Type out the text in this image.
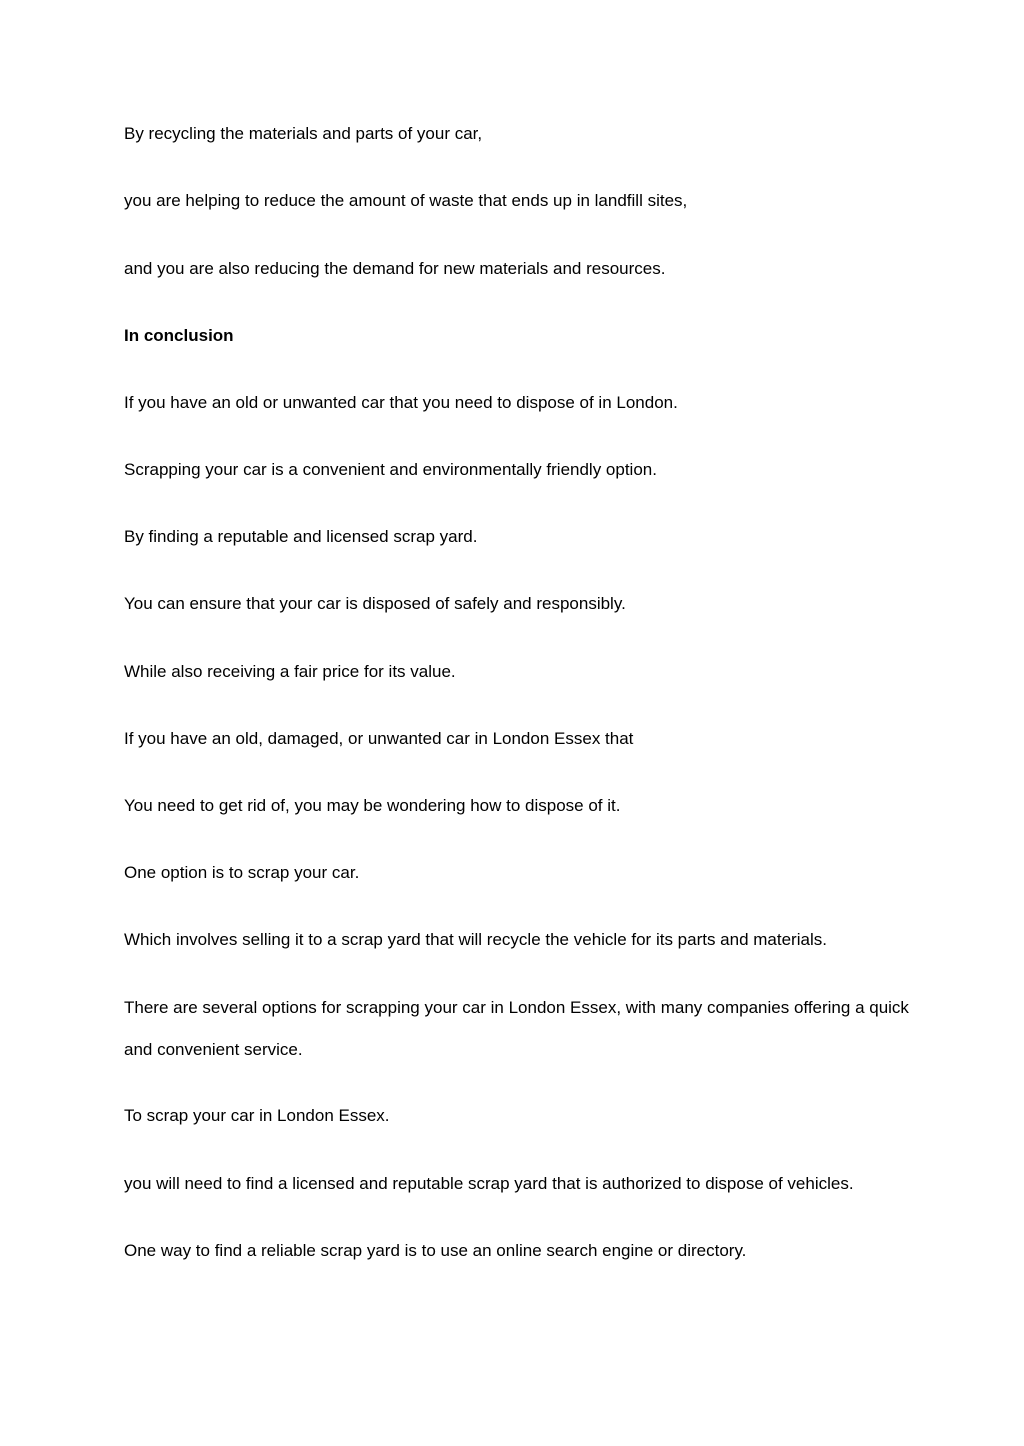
By recycling the materials and parts of your car,

you are helping to reduce the amount of waste that ends up in landfill sites,

and you are also reducing the demand for new materials and resources.

In conclusion

If you have an old or unwanted car that you need to dispose of in London.

Scrapping your car is a convenient and environmentally friendly option.

By finding a reputable and licensed scrap yard.

You can ensure that your car is disposed of safely and responsibly.

While also receiving a fair price for its value.

If you have an old, damaged, or unwanted car in London Essex that

You need to get rid of, you may be wondering how to dispose of it.

One option is to scrap your car.

Which involves selling it to a scrap yard that will recycle the vehicle for its parts and materials.

There are several options for scrapping your car in London Essex, with many companies offering a quick and convenient service.

To scrap your car in London Essex.

you will need to find a licensed and reputable scrap yard that is authorized to dispose of vehicles.

One way to find a reliable scrap yard is to use an online search engine or directory.
